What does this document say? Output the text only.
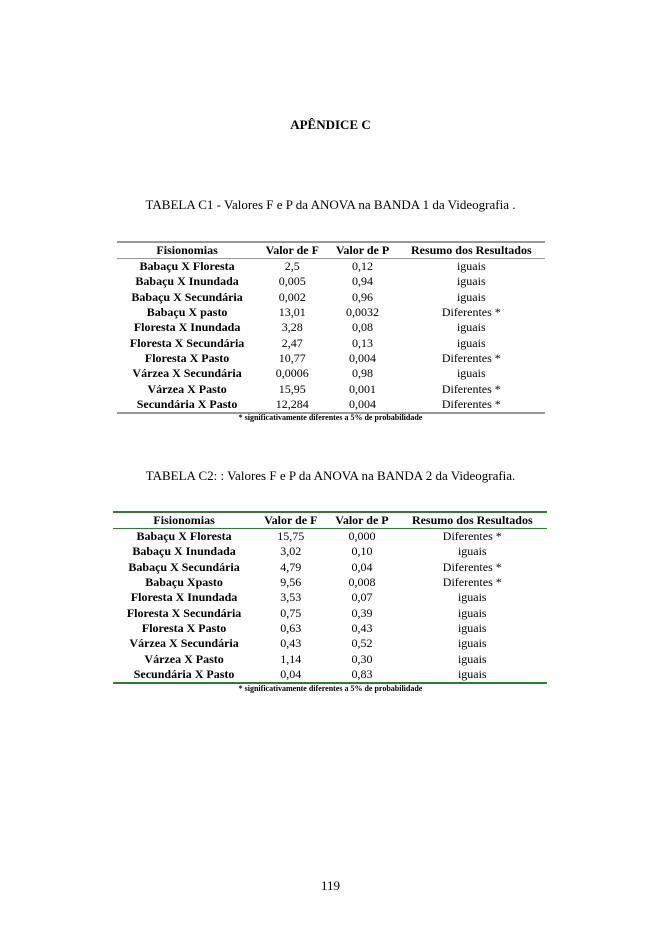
APÊNDICE C
TABELA C1 - Valores F e P da ANOVA na BANDA 1 da Videografia .
Fisionomias	Valor de F	Valor de P	Resumo dos Resultados
Babaçu X Floresta	2,5	0,12	iguais
Babaçu X Inundada	0,005	0,94	iguais
Babaçu X Secundária	0,002	0,96	iguais
Babaçu X pasto	13,01	0,0032	Diferentes *
Floresta X Inundada	3,28	0,08	iguais
Floresta X Secundária	2,47	0,13	iguais
Floresta X Pasto	10,77	0,004	Diferentes *
Várzea X Secundária	0,0006	0,98	iguais
Várzea X Pasto	15,95	0,001	Diferentes *
Secundária X Pasto	12,284	0,004	Diferentes *
* significativamente diferentes a 5% de probabilidade
TABELA C2: : Valores F e P da ANOVA na BANDA 2 da Videografia.
Fisionomias	Valor de F	Valor de P	Resumo dos Resultados
Babaçu X Floresta	15,75	0,000	Diferentes *
Babaçu X Inundada	3,02	0,10	iguais
Babaçu X Secundária	4,79	0,04	Diferentes *
Babaçu Xpasto	9,56	0,008	Diferentes *
Floresta X Inundada	3,53	0,07	iguais
Floresta X Secundária	0,75	0,39	iguais
Floresta X Pasto	0,63	0,43	iguais
Várzea X Secundária	0,43	0,52	iguais
Várzea X Pasto	1,14	0,30	iguais
Secundária X Pasto	0,04	0,83	iguais
* significativamente diferentes a 5% de probabilidade
119
